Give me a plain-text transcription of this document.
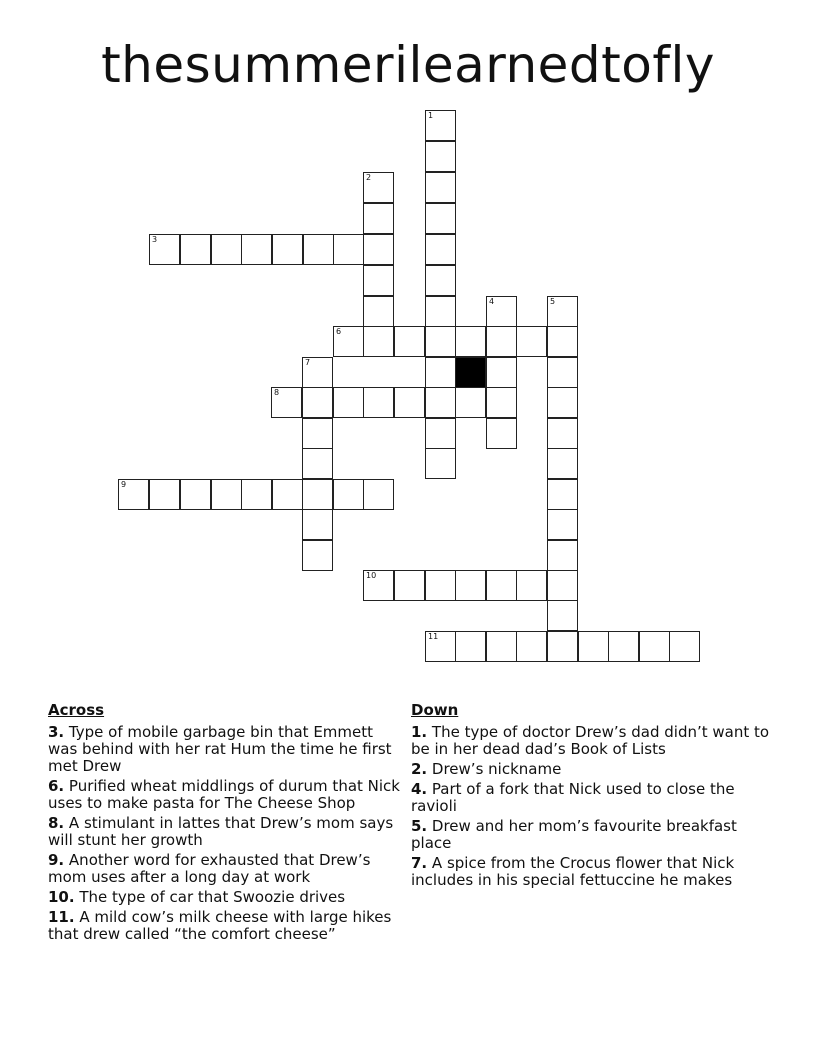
thesummerilearnedtofly
1
2
3
4	5
6
7
8
9
10
11
Across
3. Type of mobile garbage bin that Emmett was behind with her rat Hum the time he first met Drew
6. Purified wheat middlings of durum that Nick uses to make pasta for The Cheese Shop
8. A stimulant in lattes that Drew’s mom says will stunt her growth
9. Another word for exhausted that Drew’s mom uses after a long day at work
10. The type of car that Swoozie drives
11. A mild cow’s milk cheese with large hikes that drew called “the comfort cheese”
Down
1. The type of doctor Drew’s dad didn’t want to be in her dead dad’s Book of Lists
2. Drew’s nickname
4. Part of a fork that Nick used to close the ravioli
5. Drew and her mom’s favourite breakfast place
7. A spice from the Crocus flower that Nick includes in his special fettuccine he makes
